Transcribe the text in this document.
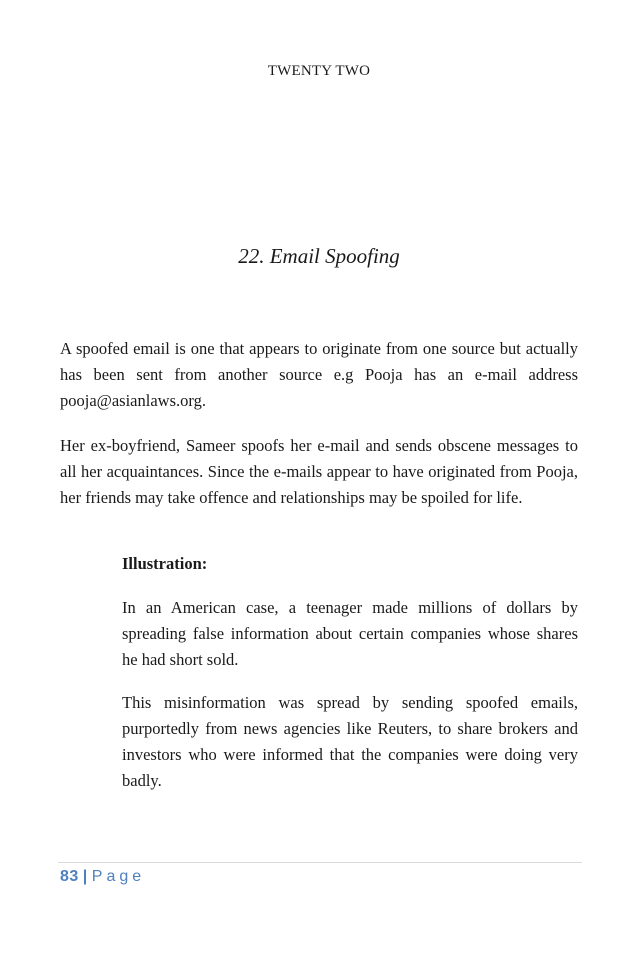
TWENTY TWO
22. Email Spoofing
A spoofed email is one that appears to originate from one source but actually has been sent from another source e.g Pooja has an e-mail address pooja@asianlaws.org.
Her ex-boyfriend, Sameer spoofs her e-mail and sends obscene messages to all her acquaintances. Since the e-mails appear to have originated from Pooja, her friends may take offence and relationships may be spoiled for life.
Illustration:
In an American case, a teenager made millions of dollars by spreading false information about certain companies whose shares he had short sold.
This misinformation was spread by sending spoofed emails, purportedly from news agencies like Reuters, to share brokers and investors who were informed that the companies were doing very badly.
83 | Page
